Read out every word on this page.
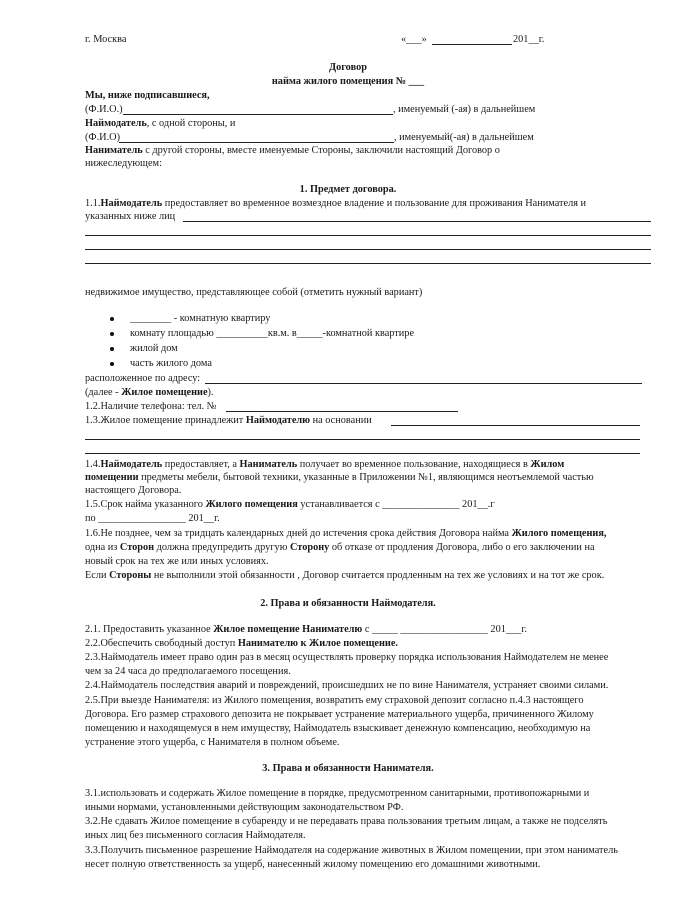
г. Москва	«___»	201__г.
Договор
найма жилого помещения № ___
Мы, ниже подписавшиеся,
(Ф.И.О.)	, именуемый (-ая) в дальнейшем
Наймодатель, с одной стороны, и
(Ф.И.О)	, именуемый(-ая) в дальнейшем
Наниматель с другой стороны, вместе именуемые Стороны, заключили настоящий Договор о
нижеследующем:
1. Предмет договора.
1.1.Наймодатель предоставляет во временное возмездное владение и пользование для проживания Нанимателя и
указанных ниже лиц
недвижимое имущество, представляющее собой (отметить нужный вариант)
________ - комнатную квартиру
комнату площадью __________кв.м. в_____-комнатной квартире
жилой дом
часть жилого дома
расположенное по адресу:
(далее - Жилое помещение).
1.2.Наличие телефона: тел. №
1.3.Жилое помещение принадлежит Наймодателю на основании
1.4.Наймодатель предоставляет, а Наниматель получает во временное пользование, находящиеся в Жилом
помещении предметы мебели, бытовой техники, указанные в Приложении №1, являющимся неотъемлемой частью
настоящего Договора.
1.5.Срок найма указанного Жилого помещения устанавливается с _______________ 201__.г
по _________________ 201__г.
1.6.Не позднее, чем за тридцать календарных дней до истечения срока действия Договора найма Жилого помещения,
одна из Сторон должна предупредить другую Сторону об отказе от продления Договора, либо о его заключении на
новый срок на тех же или иных условиях.
Если Стороны не выполнили этой обязанности , Договор считается продленным на тех же условиях и на тот же срок.
2. Права и обязанности Наймодателя.
2.1. Предоставить указанное Жилое помещение Нанимателю с _____ _________________ 201___г.
2.2.Обеспечить свободный доступ Нанимателю к Жилое помещение.
2.3.Наймодатель имеет право один раз в месяц осуществлять проверку порядка использования Наймодателем не менее
чем за 24 часа до предполагаемого посещения.
2.4.Наймодатель последствия аварий и повреждений, происшедших не по вине Нанимателя, устраняет своими силами.
2.5.При выезде Нанимателя: из Жилого помещения, возвратить ему страховой депозит согласно п.4.3 настоящего
Договора. Его размер страхового депозита не покрывает устранение материального ущерба, причиненного Жилому
помещению и находящемуся в нем имуществу, Наймодатель взыскивает денежную компенсацию, необходимую на
устранение этого ущерба, с Нанимателя в полном объеме.
3. Права и обязанности Нанимателя.
3.1.использовать и содержать Жилое помещение в порядке, предусмотренном санитарными, противопожарными и
иными нормами, установленными действующим законодательством РФ.
3.2.Не сдавать Жилое помещение в субаренду и не передавать права пользования третьим лицам, а также не подселять
иных лиц без письменного согласия Наймодателя.
3.3.Получить письменное разрешение Наймодателя на содержание животных в Жилом помещении, при этом наниматель
несет полную ответственность за ущерб, нанесенный жилому помещению его домашними животными.
